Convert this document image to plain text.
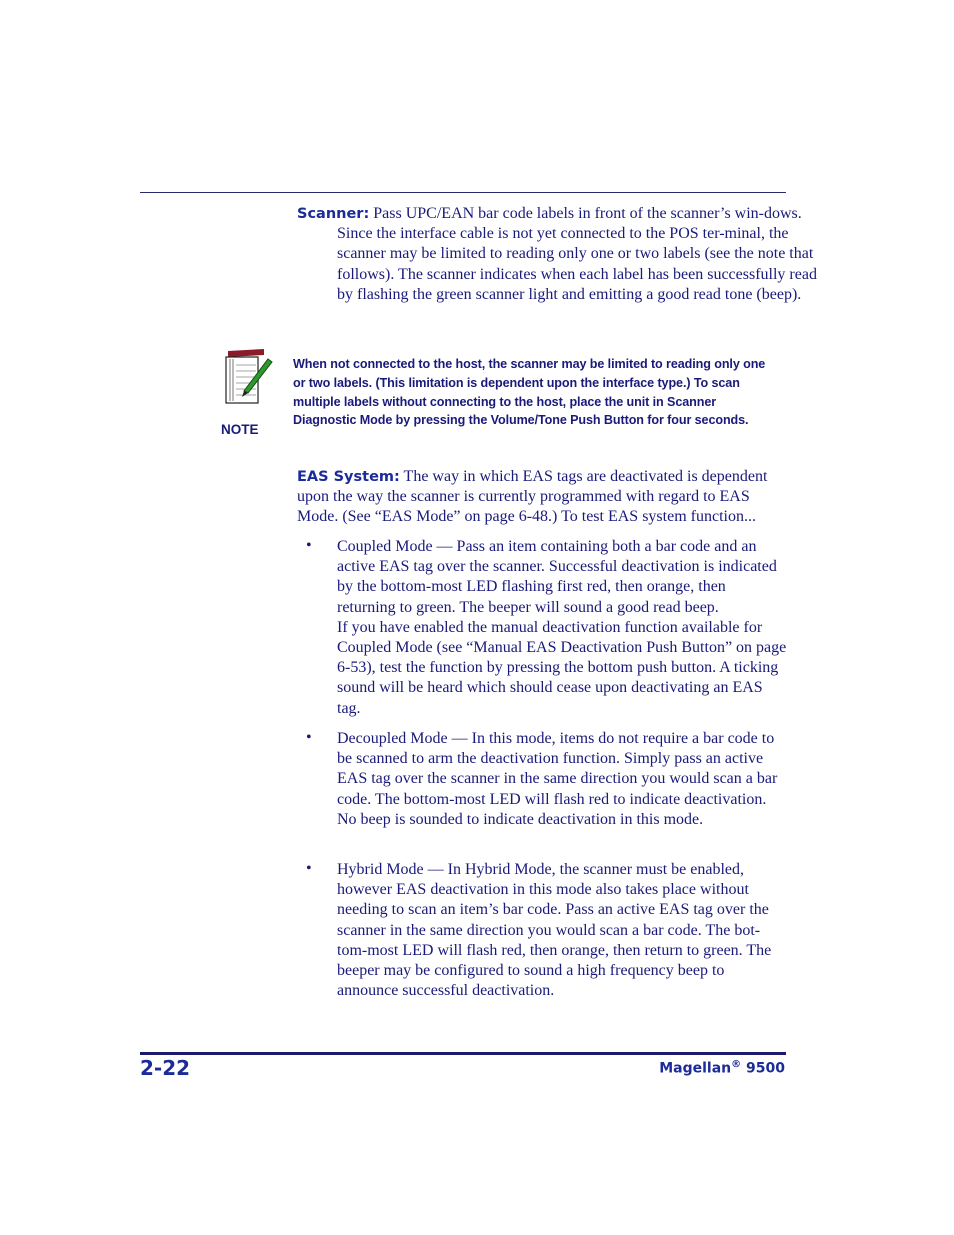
Scanner: Pass UPC/EAN bar code labels in front of the scanner’s win-dows. Since the interface cable is not yet connected to the POS ter-minal, the scanner may be limited to reading only one or two labels (see the note that follows). The scanner indicates when each label has been successfully read by flashing the green scanner light and emitting a good read tone (beep).
NOTE
When not connected to the host, the scanner may be limited to reading only one or two labels. (This limitation is dependent upon the interface type.) To scan multiple labels without connecting to the host, place the unit in Scanner Diagnostic Mode by pressing the Volume/Tone Push Button for four seconds.
EAS System: The way in which EAS tags are deactivated is dependent upon the way the scanner is currently programmed with regard to EAS Mode. (See “EAS Mode” on page 6-48.) To test EAS system function...
• Coupled Mode — Pass an item containing both a bar code and an active EAS tag over the scanner. Successful deactivation is indicated by the bottom-most LED flashing first red, then orange, then returning to green. The beeper will sound a good read beep.
If you have enabled the manual deactivation function available for Coupled Mode (see “Manual EAS Deactivation Push Button” on page 6-53), test the function by pressing the bottom push button. A ticking sound will be heard which should cease upon deactivating an EAS tag.
• Decoupled Mode — In this mode, items do not require a bar code to be scanned to arm the deactivation function. Simply pass an active EAS tag over the scanner in the same direction you would scan a bar code. The bottom-most LED will flash red to indicate deactivation. No beep is sounded to indicate deactivation in this mode.
• Hybrid Mode — In Hybrid Mode, the scanner must be enabled, however EAS deactivation in this mode also takes place without needing to scan an item’s bar code. Pass an active EAS tag over the scanner in the same direction you would scan a bar code. The bot-tom-most LED will flash red, then orange, then return to green. The beeper may be configured to sound a high frequency beep to announce successful deactivation.
2-22	Magellan® 9500
